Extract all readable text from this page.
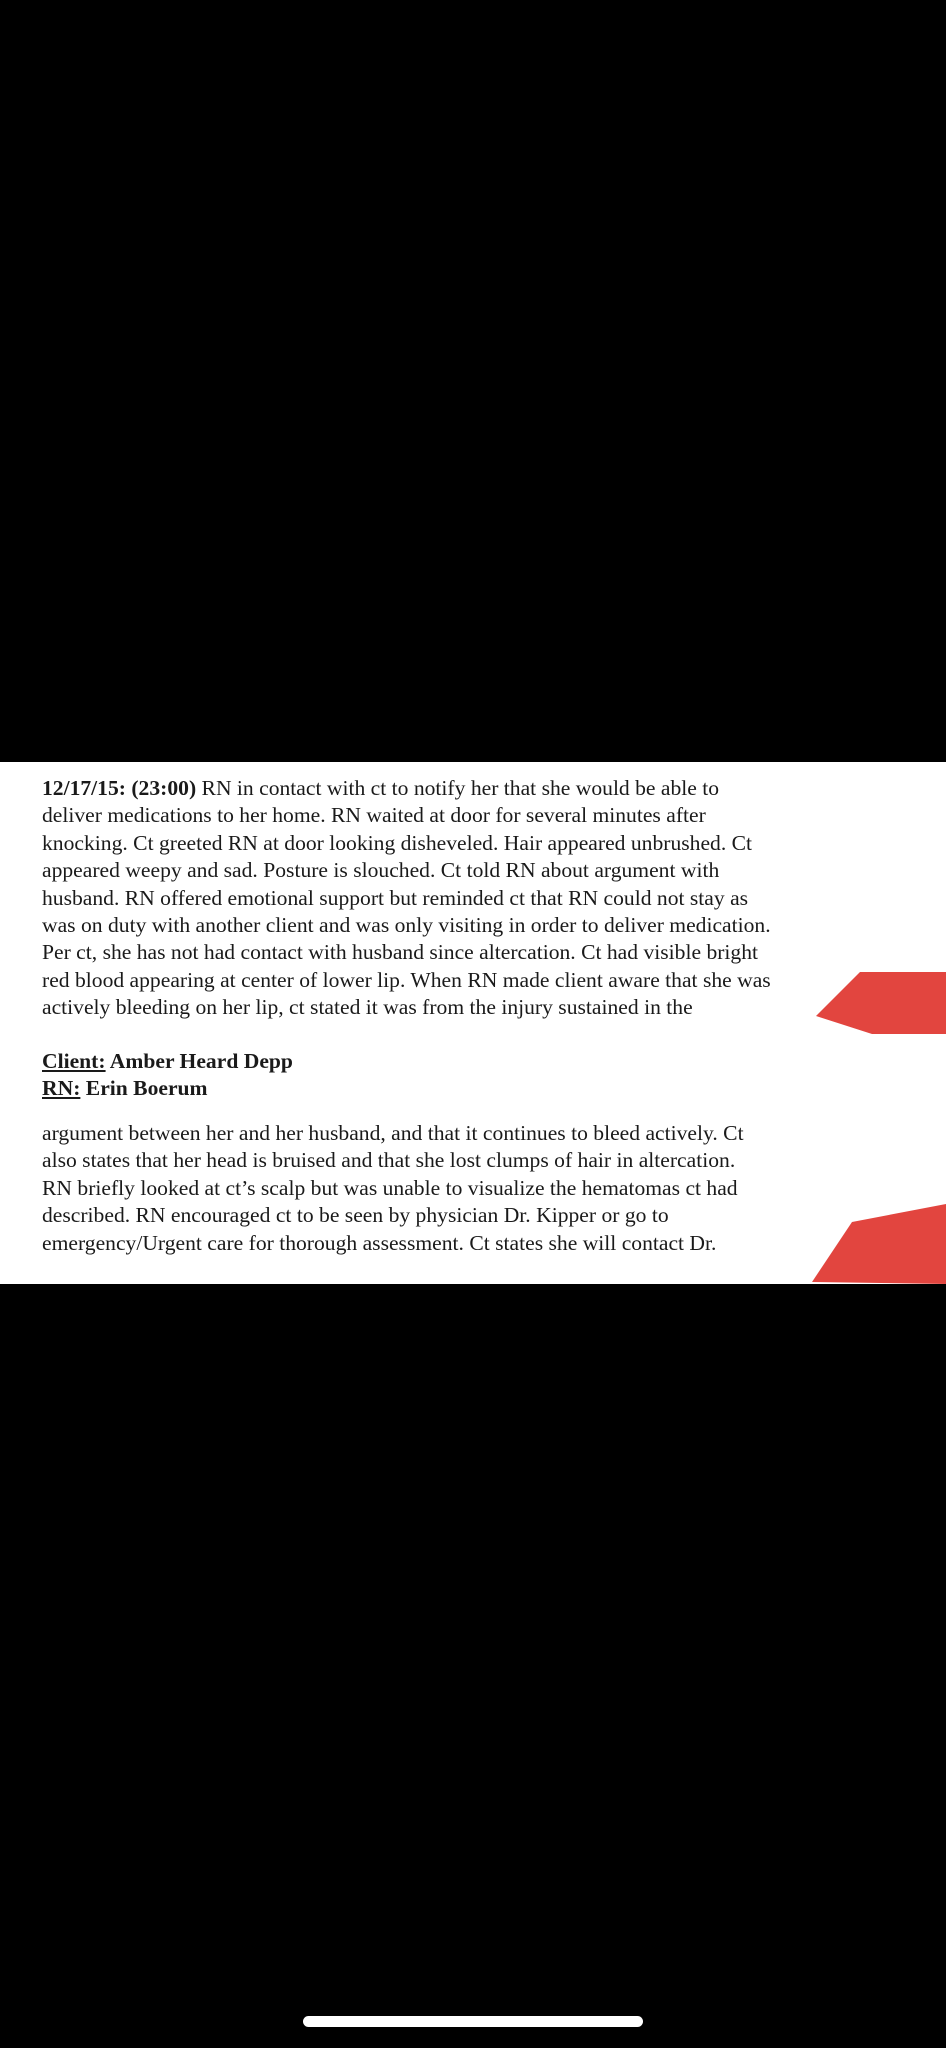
12/17/15: (23:00) RN in contact with ct to notify her that she would be able to
deliver medications to her home. RN waited at door for several minutes after
knocking. Ct greeted RN at door looking disheveled. Hair appeared unbrushed. Ct
appeared weepy and sad. Posture is slouched. Ct told RN about argument with
husband. RN offered emotional support but reminded ct that RN could not stay as
was on duty with another client and was only visiting in order to deliver medication.
Per ct, she has not had contact with husband since altercation. Ct had visible bright
red blood appearing at center of lower lip. When RN made client aware that she was
actively bleeding on her lip, ct stated it was from the injury sustained in the
Client: Amber Heard Depp
RN: Erin Boerum
argument between her and her husband, and that it continues to bleed actively. Ct
also states that her head is bruised and that she lost clumps of hair in altercation.
RN briefly looked at ct’s scalp but was unable to visualize the hematomas ct had
described. RN encouraged ct to be seen by physician Dr. Kipper or go to
emergency/Urgent care for thorough assessment. Ct states she will contact Dr.
